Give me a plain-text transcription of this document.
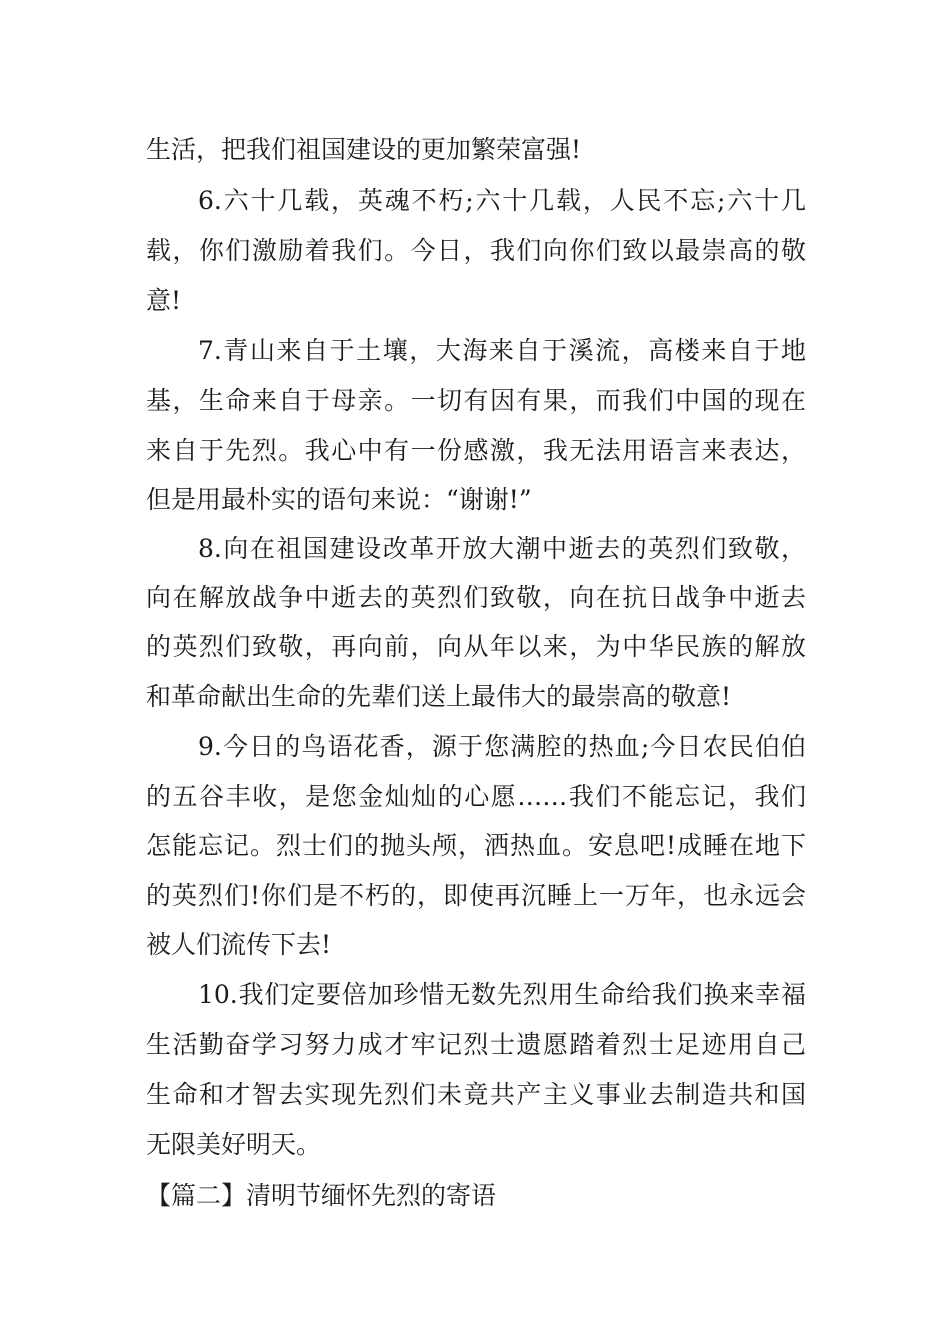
生活，把我们祖国建设的更加繁荣富强!
6.六十几载，英魂不朽;六十几载，人民不忘;六十几
载，你们激励着我们。今日，我们向你们致以最崇高的敬
意!
7.青山来自于土壤，大海来自于溪流，高楼来自于地
基，生命来自于母亲。一切有因有果，而我们中国的现在
来自于先烈。我心中有一份感激，我无法用语言来表达，
但是用最朴实的语句来说：“谢谢!”
8.向在祖国建设改革开放大潮中逝去的英烈们致敬，
向在解放战争中逝去的英烈们致敬，向在抗日战争中逝去
的英烈们致敬，再向前，向从年以来，为中华民族的解放
和革命献出生命的先辈们送上最伟大的最崇高的敬意!
9.今日的鸟语花香，源于您满腔的热血;今日农民伯伯
的五谷丰收，是您金灿灿的心愿……我们不能忘记，我们
怎能忘记。烈士们的抛头颅，洒热血。安息吧!成睡在地下
的英烈们!你们是不朽的，即使再沉睡上一万年，也永远会
被人们流传下去!
10.我们定要倍加珍惜无数先烈用生命给我们换来幸福
生活勤奋学习努力成才牢记烈士遗愿踏着烈士足迹用自己
生命和才智去实现先烈们未竟共产主义事业去制造共和国
无限美好明天。
【篇二】清明节缅怀先烈的寄语
